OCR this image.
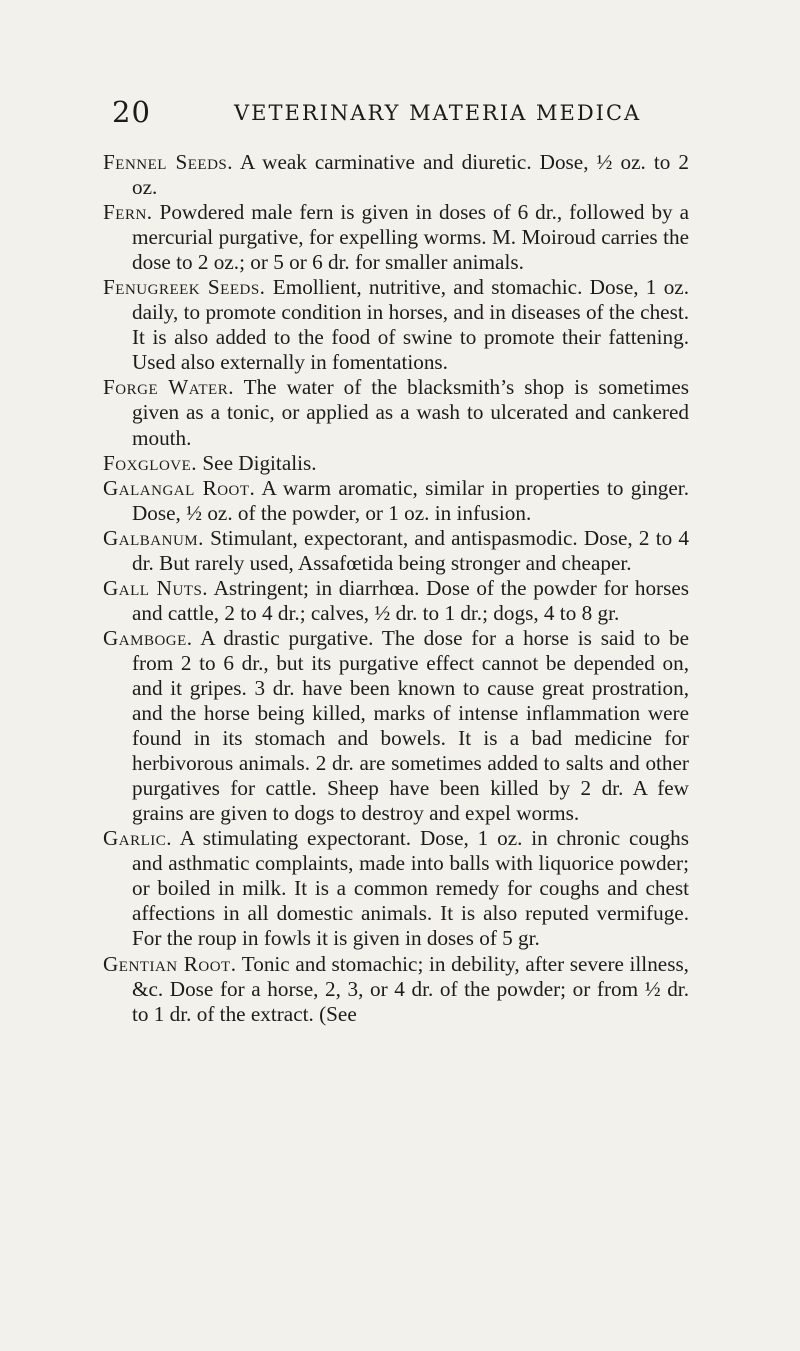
20	VETERINARY MATERIA MEDICA

Fennel Seeds. A weak carminative and diuretic. Dose, ½ oz. to 2 oz.

Fern. Powdered male fern is given in doses of 6 dr., followed by a mercurial purgative, for expelling worms. M. Moiroud carries the dose to 2 oz.; or 5 or 6 dr. for smaller animals.

Fenugreek Seeds. Emollient, nutritive, and stomachic. Dose, 1 oz. daily, to promote condition in horses, and in diseases of the chest. It is also added to the food of swine to promote their fattening. Used also externally in fomentations.

Forge Water. The water of the blacksmith’s shop is sometimes given as a tonic, or applied as a wash to ulcerated and cankered mouth.

Foxglove. See Digitalis.

Galangal Root. A warm aromatic, similar in properties to ginger. Dose, ½ oz. of the powder, or 1 oz. in infusion.

Galbanum. Stimulant, expectorant, and antispasmodic. Dose, 2 to 4 dr. But rarely used, Assafœtida being stronger and cheaper.

Gall Nuts. Astringent; in diarrhœa. Dose of the powder for horses and cattle, 2 to 4 dr.; calves, ½ dr. to 1 dr.; dogs, 4 to 8 gr.

Gamboge. A drastic purgative. The dose for a horse is said to be from 2 to 6 dr., but its purgative effect cannot be depended on, and it gripes. 3 dr. have been known to cause great prostration, and the horse being killed, marks of intense inflammation were found in its stomach and bowels. It is a bad medicine for herbivorous animals. 2 dr. are sometimes added to salts and other purgatives for cattle. Sheep have been killed by 2 dr. A few grains are given to dogs to destroy and expel worms.

Garlic. A stimulating expectorant. Dose, 1 oz. in chronic coughs and asthmatic complaints, made into balls with liquorice powder; or boiled in milk. It is a common remedy for coughs and chest affections in all domestic animals. It is also reputed vermifuge. For the roup in fowls it is given in doses of 5 gr.

Gentian Root. Tonic and stomachic; in debility, after severe illness, &c. Dose for a horse, 2, 3, or 4 dr. of the powder; or from ½ dr. to 1 dr. of the extract. (See
